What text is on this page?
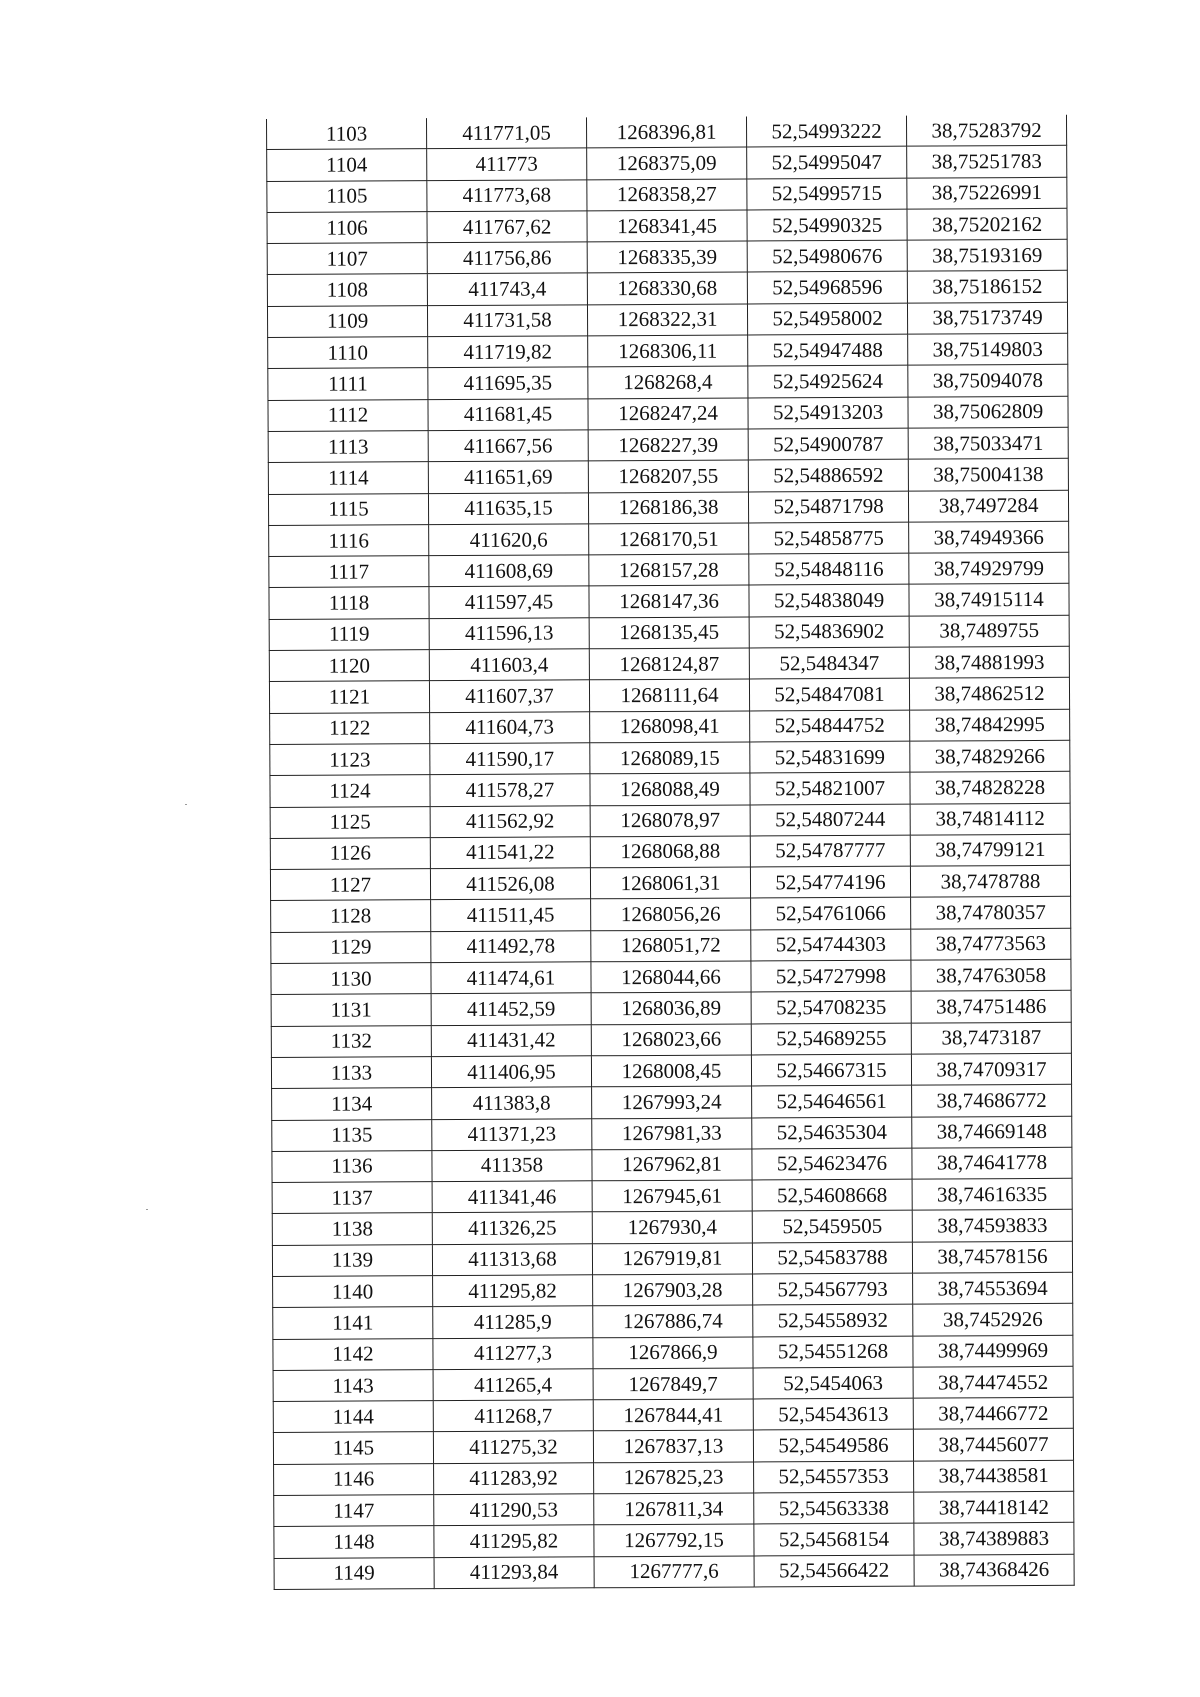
1103	411771,05	1268396,81	52,54993222	38,75283792
1104	411773	1268375,09	52,54995047	38,75251783
1105	411773,68	1268358,27	52,54995715	38,75226991
1106	411767,62	1268341,45	52,54990325	38,75202162
1107	411756,86	1268335,39	52,54980676	38,75193169
1108	411743,4	1268330,68	52,54968596	38,75186152
1109	411731,58	1268322,31	52,54958002	38,75173749
1110	411719,82	1268306,11	52,54947488	38,75149803
1111	411695,35	1268268,4	52,54925624	38,75094078
1112	411681,45	1268247,24	52,54913203	38,75062809
1113	411667,56	1268227,39	52,54900787	38,75033471
1114	411651,69	1268207,55	52,54886592	38,75004138
1115	411635,15	1268186,38	52,54871798	38,7497284
1116	411620,6	1268170,51	52,54858775	38,74949366
1117	411608,69	1268157,28	52,54848116	38,74929799
1118	411597,45	1268147,36	52,54838049	38,74915114
1119	411596,13	1268135,45	52,54836902	38,7489755
1120	411603,4	1268124,87	52,5484347	38,74881993
1121	411607,37	1268111,64	52,54847081	38,74862512
1122	411604,73	1268098,41	52,54844752	38,74842995
1123	411590,17	1268089,15	52,54831699	38,74829266
1124	411578,27	1268088,49	52,54821007	38,74828228
1125	411562,92	1268078,97	52,54807244	38,74814112
1126	411541,22	1268068,88	52,54787777	38,74799121
1127	411526,08	1268061,31	52,54774196	38,7478788
1128	411511,45	1268056,26	52,54761066	38,74780357
1129	411492,78	1268051,72	52,54744303	38,74773563
1130	411474,61	1268044,66	52,54727998	38,74763058
1131	411452,59	1268036,89	52,54708235	38,74751486
1132	411431,42	1268023,66	52,54689255	38,7473187
1133	411406,95	1268008,45	52,54667315	38,74709317
1134	411383,8	1267993,24	52,54646561	38,74686772
1135	411371,23	1267981,33	52,54635304	38,74669148
1136	411358	1267962,81	52,54623476	38,74641778
1137	411341,46	1267945,61	52,54608668	38,74616335
1138	411326,25	1267930,4	52,5459505	38,74593833
1139	411313,68	1267919,81	52,54583788	38,74578156
1140	411295,82	1267903,28	52,54567793	38,74553694
1141	411285,9	1267886,74	52,54558932	38,7452926
1142	411277,3	1267866,9	52,54551268	38,74499969
1143	411265,4	1267849,7	52,5454063	38,74474552
1144	411268,7	1267844,41	52,54543613	38,74466772
1145	411275,32	1267837,13	52,54549586	38,74456077
1146	411283,92	1267825,23	52,54557353	38,74438581
1147	411290,53	1267811,34	52,54563338	38,74418142
1148	411295,82	1267792,15	52,54568154	38,74389883
1149	411293,84	1267777,6	52,54566422	38,74368426
